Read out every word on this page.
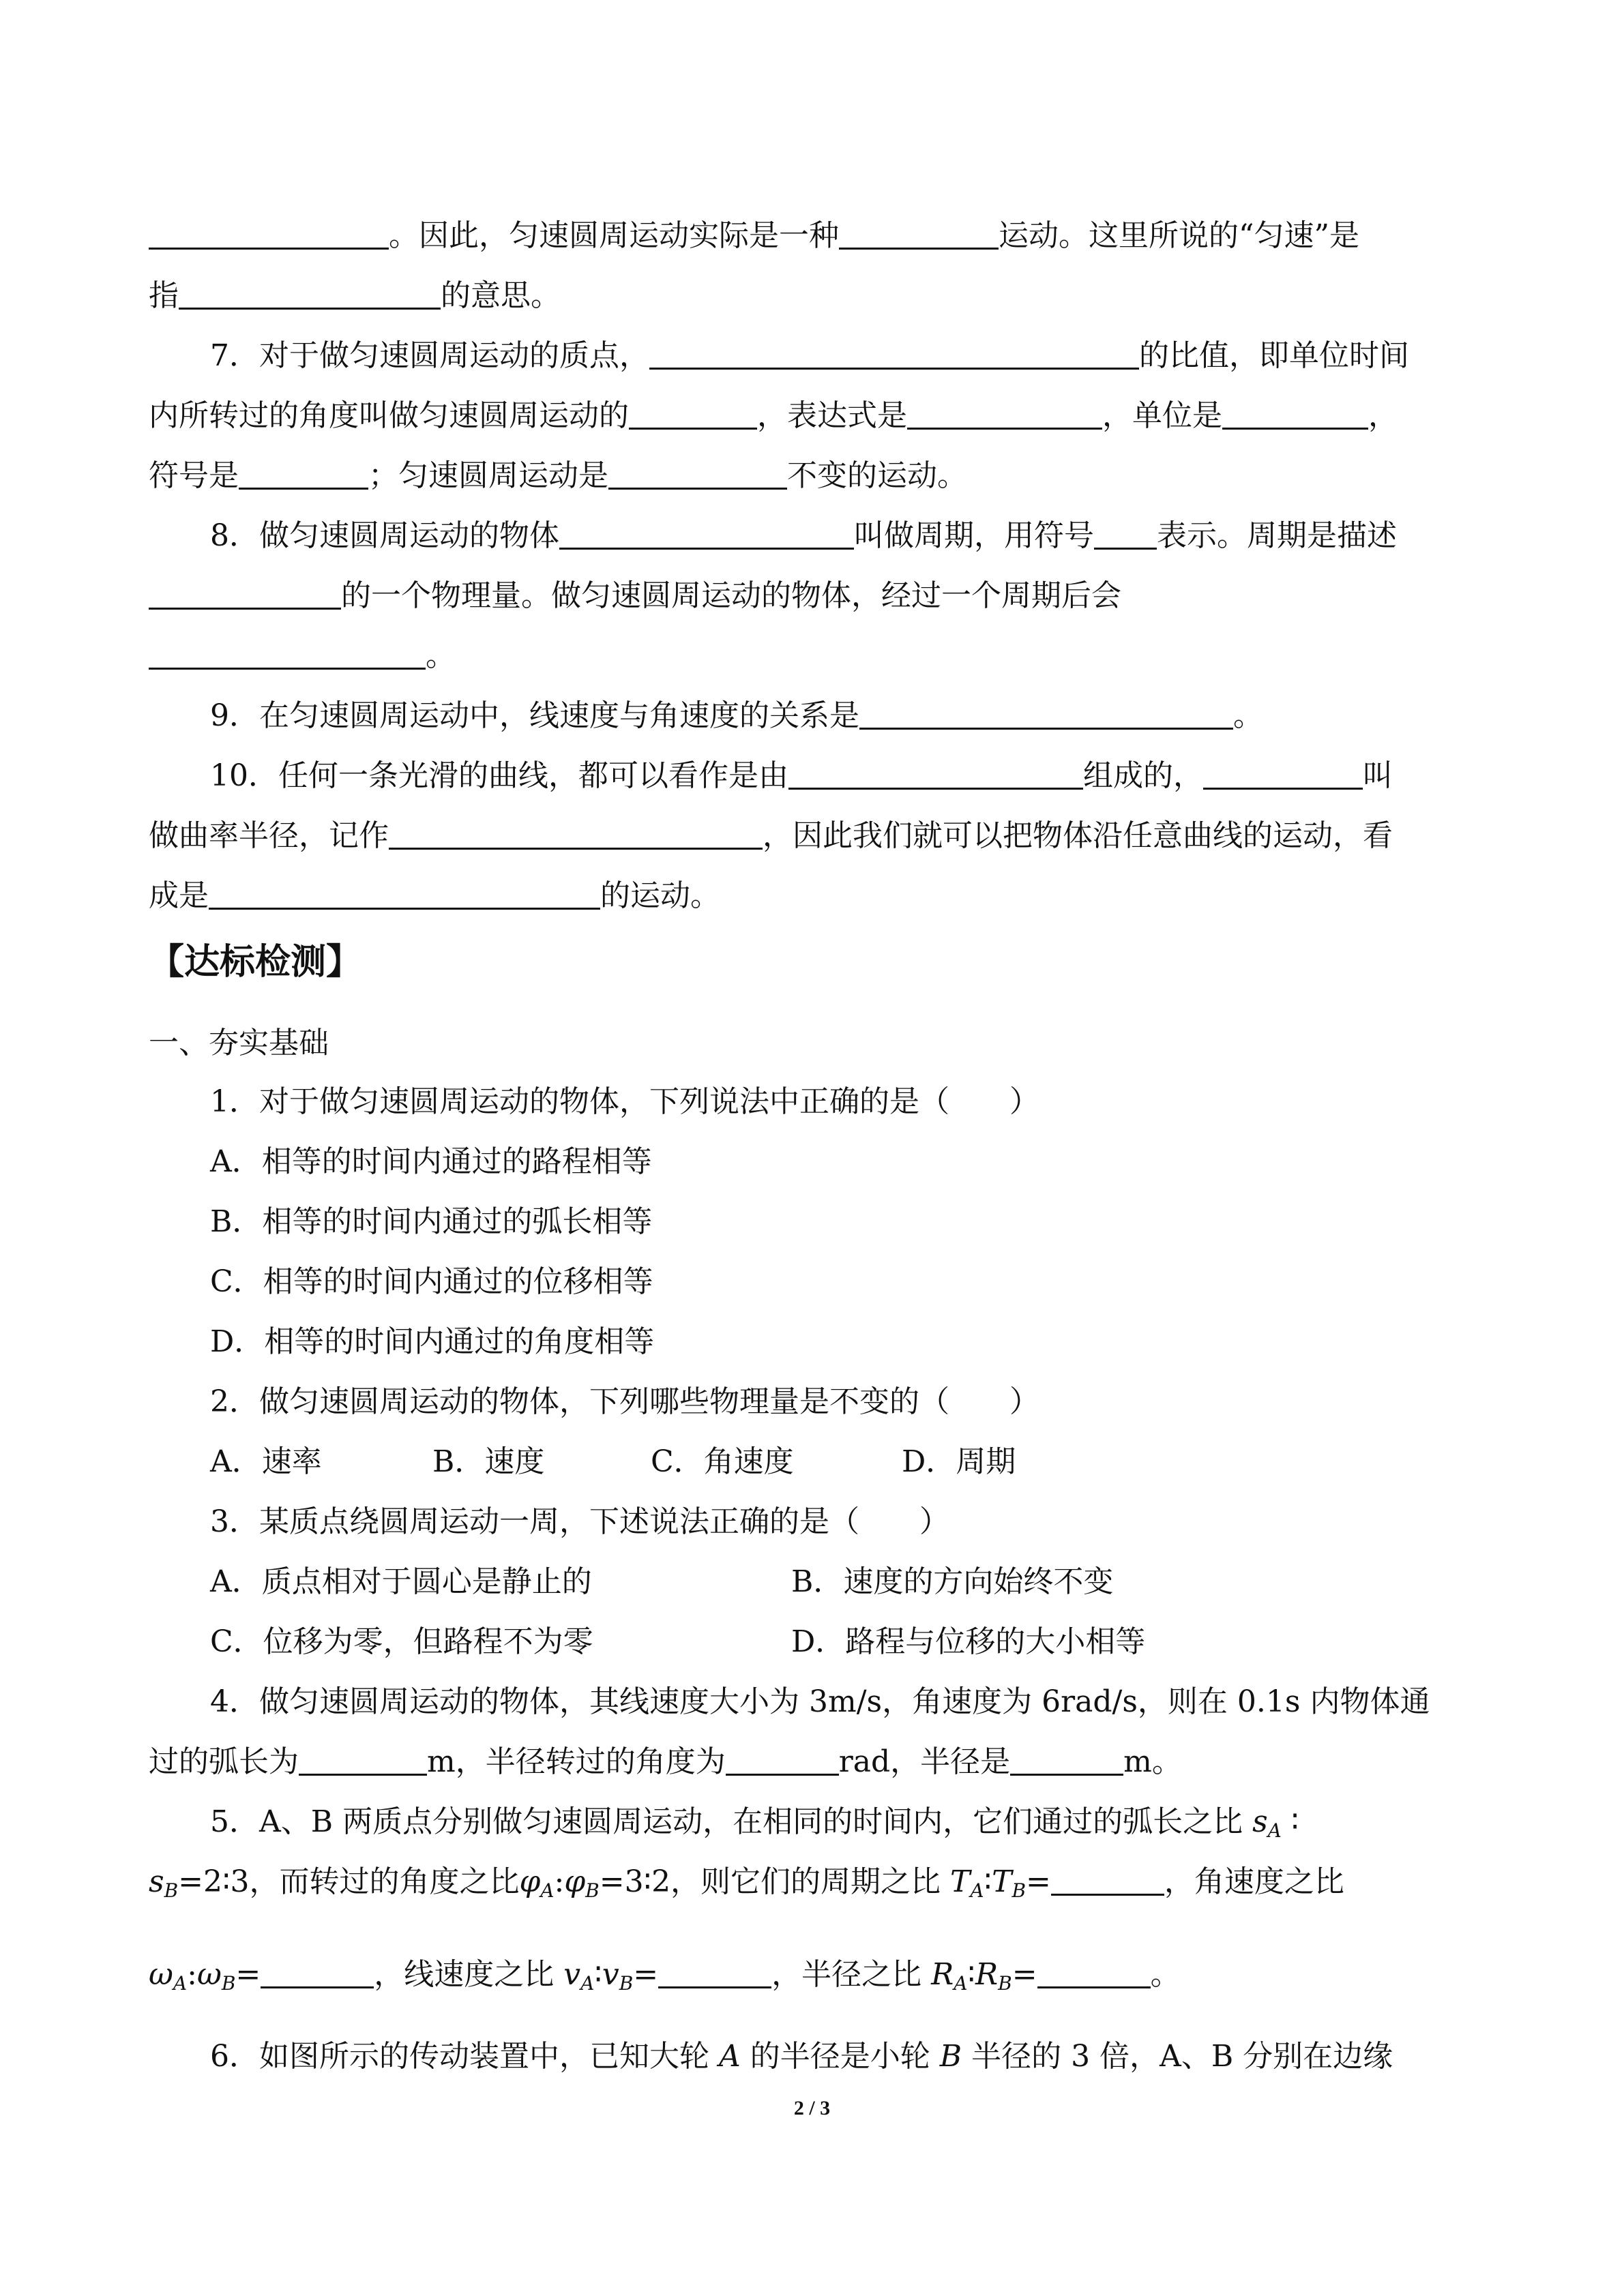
。因此，匀速圆周运动实际是一种	运动。这里所说的“匀速”是
指	的意思。
7．对于做匀速圆周运动的质点，	的比值，即单位时间
内所转过的角度叫做匀速圆周运动的	，表达式是	，单位是	，
符号是	；匀速圆周运动是	不变的运动。
8．做匀速圆周运动的物体	叫做周期，用符号 表示。周期是描述
的一个物理量。做匀速圆周运动的物体，经过一个周期后会
。
9．在匀速圆周运动中，线速度与角速度的关系是	。
10．任何一条光滑的曲线，都可以看作是由	组成的，	叫
做曲率半径，记作	，因此我们就可以把物体沿任意曲线的运动，看
成是	的运动。
【达标检测】
一、夯实基础
1．对于做匀速圆周运动的物体，下列说法中正确的是（　　）
A．相等的时间内通过的路程相等
B．相等的时间内通过的弧长相等
C．相等的时间内通过的位移相等
D．相等的时间内通过的角度相等
2．做匀速圆周运动的物体，下列哪些物理量是不变的（　　）
A．速率	B．速度	C．角速度	D．周期
3．某质点绕圆周运动一周，下述说法正确的是（　　）
A．质点相对于圆心是静止的	B．速度的方向始终不变
C．位移为零，但路程不为零	D．路程与位移的大小相等
4．做匀速圆周运动的物体，其线速度大小为 3m/s，角速度为 6rad/s，则在 0.1s 内物体通
过的弧长为	m，半径转过的角度为	rad，半径是	m。
5．A、B 两质点分别做匀速圆周运动，在相同的时间内，它们通过的弧长之比 $s_A$ ∶
$s_B=2∶3$，而转过的角度之比$\varphi_A:\varphi_B=3∶2$，则它们的周期之比 $T_A∶T_B=$	，角速度之比
$\omega_A:\omega_B=$	，线速度之比 $v_A∶v_B=$	，半径之比 $R_A∶R_B=$	。
6．如图所示的传动装置中，已知大轮 A 的半径是小轮 B 半径的 3 倍，A、B 分别在边缘
2 / 3
